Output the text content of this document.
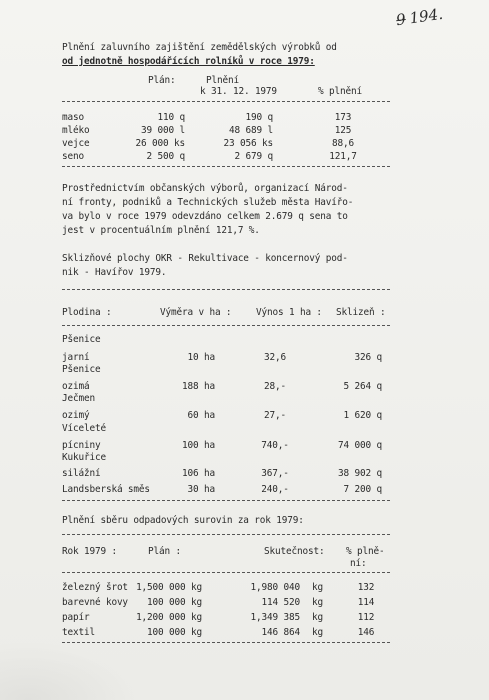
9194.
Plnění zaluvního zajištění zemědělských výrobků od
od jednotně hospodářících rolníků v roce 1979:
Plán:	Plnění
k 31. 12. 1979	% plnění
maso	110 q	190 q	173
mléko	39 000 l	48 689 l	125
vejce	26 000 ks	23 056 ks	88,6
seno	2 500 q	2 679 q	121,7
Prostřednictvím občanských výborů, organizací Národ-
ní fronty, podniků a Technických služeb města Havířo-
va bylo v roce 1979 odevzdáno celkem 2.679 q sena to
jest v procentuálním plnění 121,7 %.
Sklizňové plochy OKR - Rekultivace - koncernový pod-
nik - Havířov 1979.
Plodina :	Výměra v ha :	Výnos 1 ha : Sklizeň :
Pšenice
jarní	10 ha	32,6	326 q
Pšenice
ozimá	188 ha	28,-	5 264 q
Ječmen
ozimý	60 ha	27,-	1 620 q
Víceleté
pícniny	100 ha	740,-	74 000 q
Kukuřice
silážní	106 ha	367,-	38 902 q
Landsberská směs	30 ha	240,-	7 200 q
Plnění sběru odpadových surovin za rok 1979:
Rok 1979 :	Plán :	Skutečnost: % plně-
ní:
železný šrot 1,500 000 kg	1,980 040 kg	132
barevné kovy	100 000 kg	114 520 kg	114
papír	1,200 000 kg	1,349 385 kg	112
textil	100 000 kg	146 864 kg	146
